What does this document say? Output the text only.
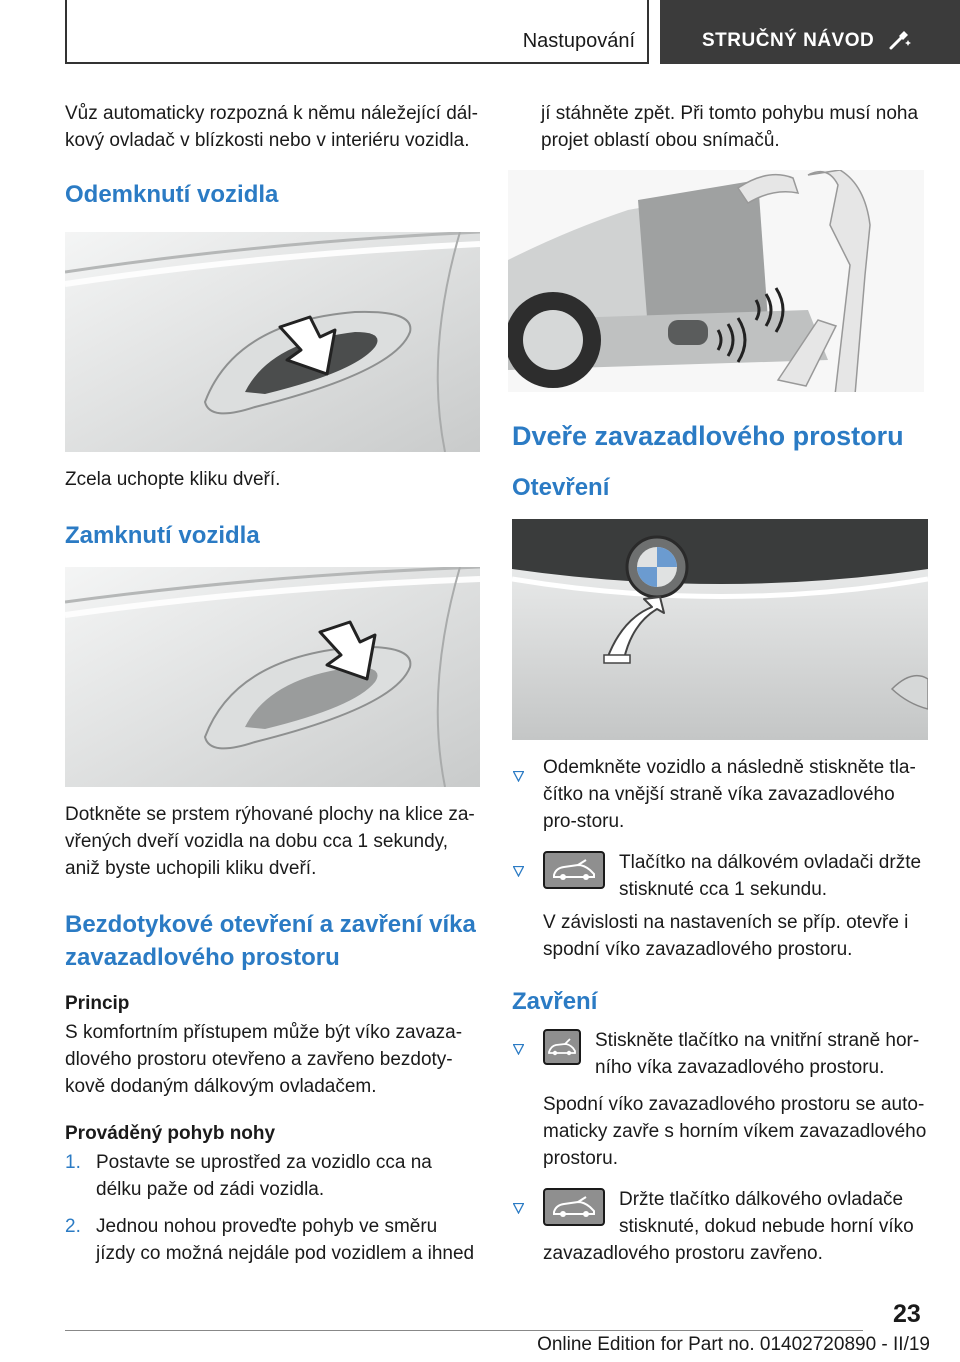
Nastupování	STRUČNÝ NÁVOD

Vůz automaticky rozpozná k němu náležející dál‐kový ovladač v blízkosti nebo v interiéru vozidla.

Odemknutí vozidla

Zcela uchopte kliku dveří.

Zamknutí vozidla

Dotkněte se prstem rýhované plochy na klice za‐vřených dveří vozidla na dobu cca 1 sekundy, aniž byste uchopili kliku dveří.

Bezdotykové otevření a zavření víka zavazadlového prostoru
Princip

S komfortním přístupem může být víko zavaza‐dlového prostoru otevřeno a zavřeno bezdoty‐kově dodaným dálkovým ovladačem.

Prováděný pohyb nohy
1. Postavte se uprostřed za vozidlo cca na délku paže od zádi vozidla.
2. Jednou nohou proveďte pohyb ve směru jízdy co možná nejdále pod vozidlem a ihned

jí stáhněte zpět. Při tomto pohybu musí noha projet oblastí obou snímačů.

Dveře zavazadlového prostoru
Otevření
Odemkněte vozidlo a následně stiskněte tla‐čítko na vnější straně víka zavazadlového pro‐storu.
Tlačítko na dálkovém ovladači držte stisknuté cca 1 sekundu.

V závislosti na nastaveních se příp. otevře i spodní víko zavazadlového prostoru.

Zavření
Stiskněte tlačítko na vnitřní straně hor‐ního víka zavazadlového prostoru.

Spodní víko zavazadlového prostoru se auto‐maticky zavře s horním víkem zavazadlového prostoru.

Držte tlačítko dálkového ovladače stisknuté, dokud nebude horní víko zavazadlového prostoru zavřeno.
23
Online Edition for Part no. 01402720890 - II/19
